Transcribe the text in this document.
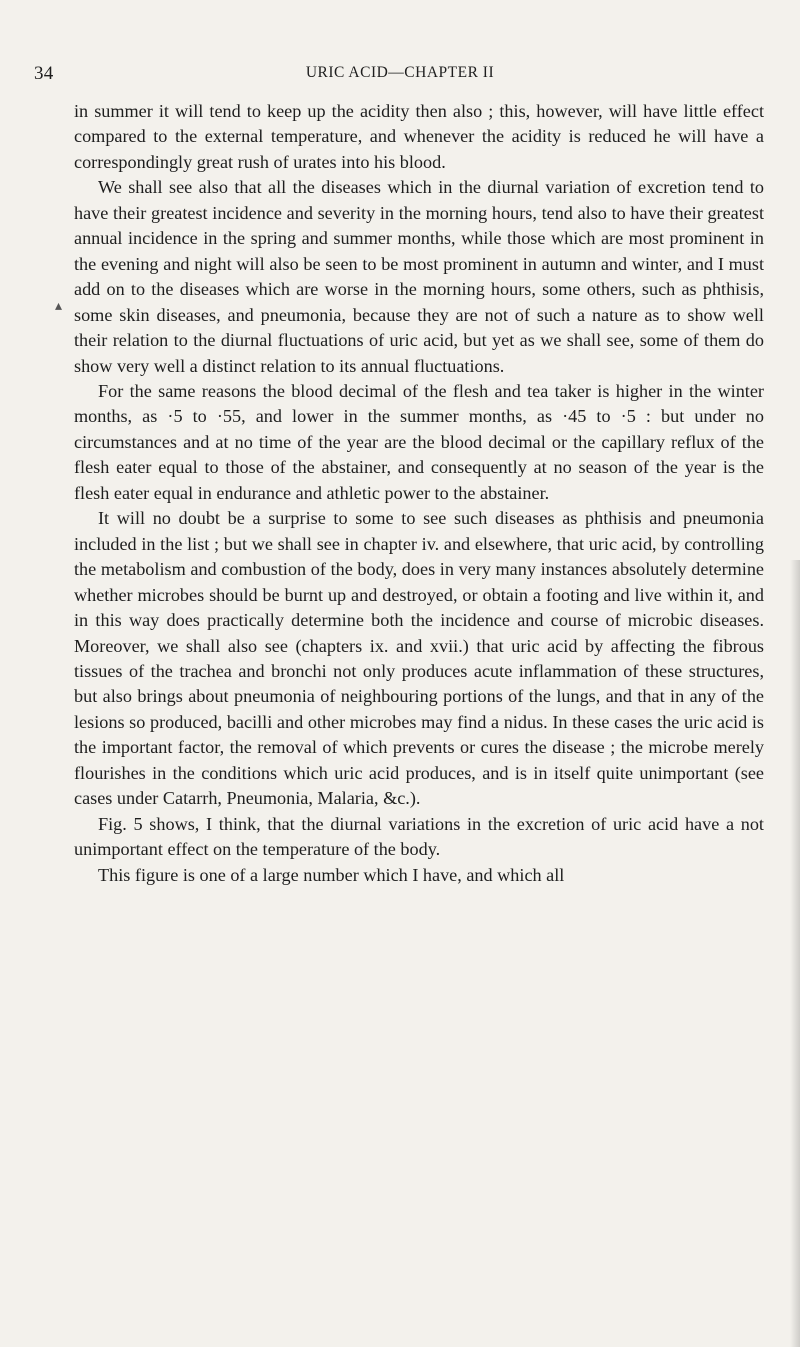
34	URIC ACID—CHAPTER II
▴

in summer it will tend to keep up the acidity then also ; this, however, will have little effect compared to the external temperature, and whenever the acidity is reduced he will have a correspondingly great rush of urates into his blood.

We shall see also that all the diseases which in the diurnal variation of excretion tend to have their greatest incidence and severity in the morning hours, tend also to have their greatest annual incidence in the spring and summer months, while those which are most prominent in the evening and night will also be seen to be most prominent in autumn and winter, and I must add on to the diseases which are worse in the morning hours, some others, such as phthisis, some skin diseases, and pneumonia, because they are not of such a nature as to show well their relation to the diurnal fluctuations of uric acid, but yet as we shall see, some of them do show very well a distinct relation to its annual fluctuations.

For the same reasons the blood decimal of the flesh and tea taker is higher in the winter months, as ·5 to ·55, and lower in the summer months, as ·45 to ·5 : but under no circumstances and at no time of the year are the blood decimal or the capillary reflux of the flesh eater equal to those of the abstainer, and consequently at no season of the year is the flesh eater equal in endurance and athletic power to the abstainer.

It will no doubt be a surprise to some to see such diseases as phthisis and pneumonia included in the list ; but we shall see in chapter iv. and elsewhere, that uric acid, by controlling the metabolism and combustion of the body, does in very many instances absolutely determine whether microbes should be burnt up and destroyed, or obtain a footing and live within it, and in this way does practically determine both the incidence and course of microbic diseases. Moreover, we shall also see (chapters ix. and xvii.) that uric acid by affecting the fibrous tissues of the trachea and bronchi not only produces acute inflammation of these structures, but also brings about pneumonia of neighbouring portions of the lungs, and that in any of the lesions so produced, bacilli and other microbes may find a nidus. In these cases the uric acid is the important factor, the removal of which prevents or cures the disease ; the microbe merely flourishes in the conditions which uric acid produces, and is in itself quite unimportant (see cases under Catarrh, Pneumonia, Malaria, &c.).

Fig. 5 shows, I think, that the diurnal variations in the excretion of uric acid have a not unimportant effect on the temperature of the body.

This figure is one of a large number which I have, and which all
